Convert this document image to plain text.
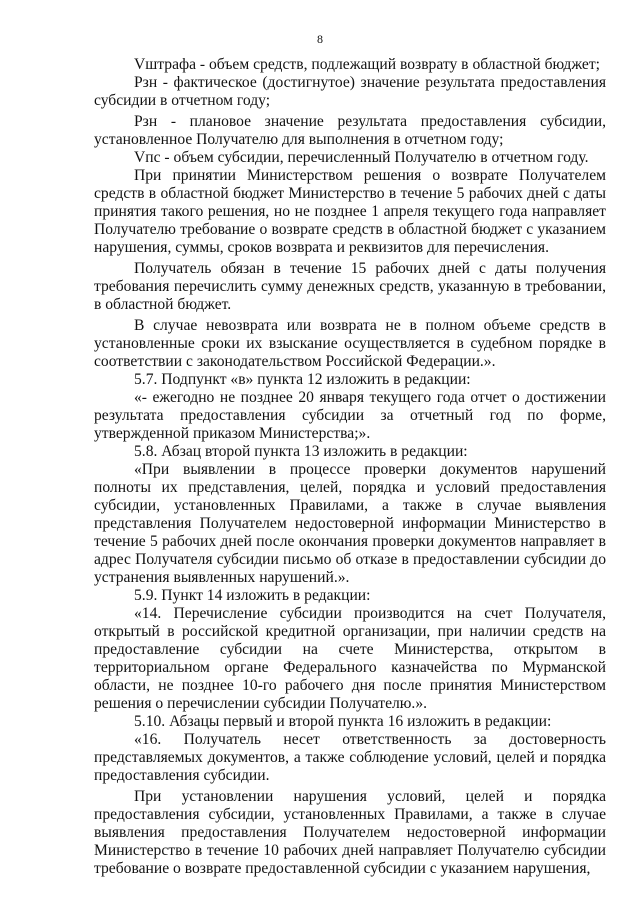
8

Vштрафа - объем средств, подлежащий возврату в областной бюджет;

Pзн - фактическое (достигнутое) значение результата предоставления субсидии в отчетном году;

Pзн - плановое значение результата предоставления субсидии, установленное Получателю для выполнения в отчетном году;

Vпс - объем субсидии, перечисленный Получателю в отчетном году.

При принятии Министерством решения о возврате Получателем средств в областной бюджет Министерство в течение 5 рабочих дней с даты принятия такого решения, но не позднее 1 апреля текущего года направляет Получателю требование о возврате средств в областной бюджет с указанием нарушения, суммы, сроков возврата и реквизитов для перечисления.

Получатель обязан в течение 15 рабочих дней с даты получения требования перечислить сумму денежных средств, указанную в требовании, в областной бюджет.

В случае невозврата или возврата не в полном объеме средств в установленные сроки их взыскание осуществляется в судебном порядке в соответствии с законодательством Российской Федерации.».

5.7. Подпункт «в» пункта 12 изложить в редакции:

«- ежегодно не позднее 20 января текущего года отчет о достижении результата предоставления субсидии за отчетный год по форме, утвержденной приказом Министерства;».

5.8. Абзац второй пункта 13 изложить в редакции:

«При выявлении в процессе проверки документов нарушений полноты их представления, целей, порядка и условий предоставления субсидии, установленных Правилами, а также в случае выявления представления Получателем недостоверной информации Министерство в течение 5 рабочих дней после окончания проверки документов направляет в адрес Получателя субсидии письмо об отказе в предоставлении субсидии до устранения выявленных нарушений.».

5.9. Пункт 14 изложить в редакции:

«14. Перечисление субсидии производится на счет Получателя, открытый в российской кредитной организации, при наличии средств на предоставление субсидии на счете Министерства, открытом в территориальном органе Федерального казначейства по Мурманской области, не позднее 10-го рабочего дня после принятия Министерством решения о перечислении субсидии Получателю.».

5.10. Абзацы первый и второй пункта 16 изложить в редакции:

«16. Получатель несет ответственность за достоверность представляемых документов, а также соблюдение условий, целей и порядка предоставления субсидии.

При установлении нарушения условий, целей и порядка предоставления субсидии, установленных Правилами, а также в случае выявления предоставления Получателем недостоверной информации Министерство в течение 10 рабочих дней направляет Получателю субсидии требование о возврате предоставленной субсидии с указанием нарушения,
